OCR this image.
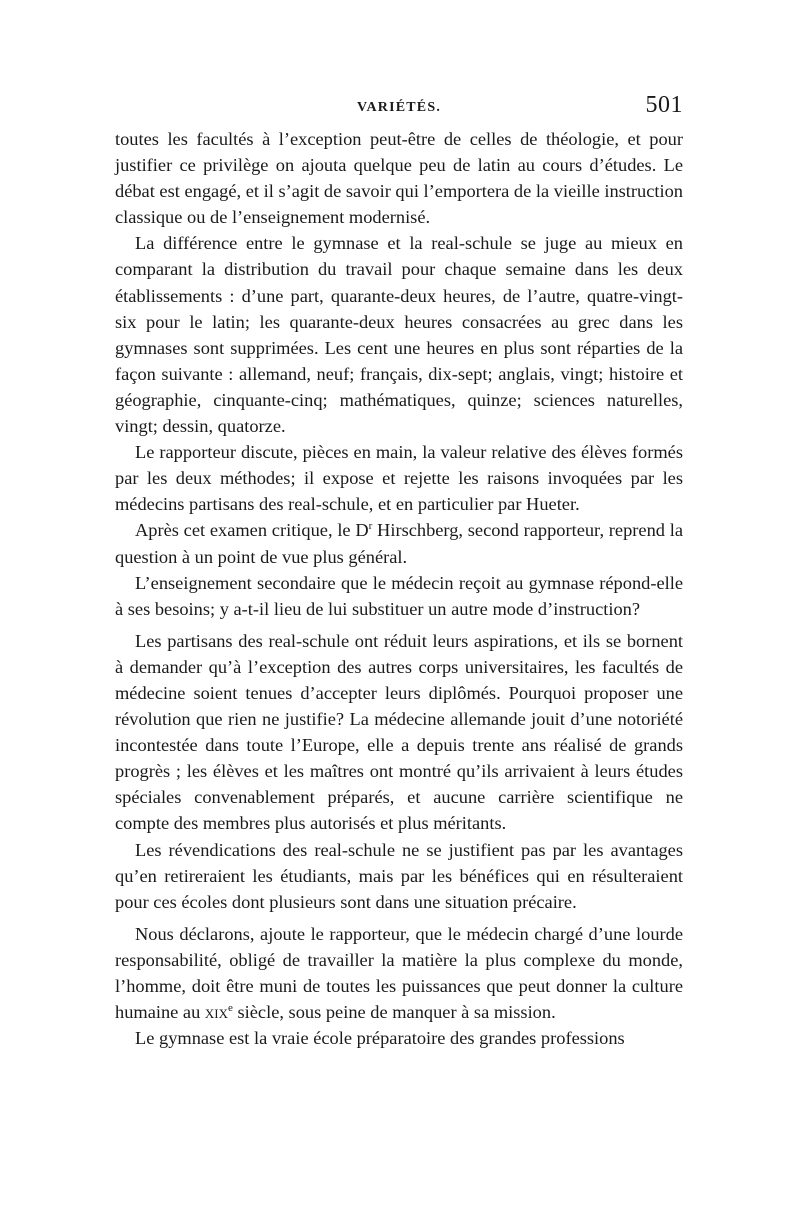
VARIÉTÉS.	501

toutes les facultés à l’exception peut-être de celles de théologie, et pour justifier ce privilège on ajouta quelque peu de latin au cours d’études. Le débat est engagé, et il s’agit de savoir qui l’emportera de la vieille instruction classique ou de l’enseignement modernisé.

La différence entre le gymnase et la real-schule se juge au mieux en comparant la distribution du travail pour chaque semaine dans les deux établissements : d’une part, quarante-deux heures, de l’autre, quatre-vingt-six pour le latin; les quarante-deux heures consacrées au grec dans les gymnases sont supprimées. Les cent une heures en plus sont réparties de la façon suivante : allemand, neuf; français, dix-sept; anglais, vingt; histoire et géographie, cinquante-cinq; mathématiques, quinze; sciences naturelles, vingt; dessin, quatorze.

Le rapporteur discute, pièces en main, la valeur relative des élèves formés par les deux méthodes; il expose et rejette les raisons invoquées par les médecins partisans des real-schule, et en particulier par Hueter.

Après cet examen critique, le $D^r$ Hirschberg, second rapporteur, reprend la question à un point de vue plus général.

L’enseignement secondaire que le médecin reçoit au gymnase répond-elle à ses besoins; y a-t-il lieu de lui substituer un autre mode d’instruction?

Les partisans des real-schule ont réduit leurs aspirations, et ils se bornent à demander qu’à l’exception des autres corps universitaires, les facultés de médecine soient tenues d’accepter leurs diplômés. Pourquoi proposer une révolution que rien ne justifie? La médecine allemande jouit d’une notoriété incontestée dans toute l’Europe, elle a depuis trente ans réalisé de grands progrès ; les élèves et les maîtres ont montré qu’ils arrivaient à leurs études spéciales convenablement préparés, et aucune carrière scientifique ne compte des membres plus autorisés et plus méritants.

Les révendications des real-schule ne se justifient pas par les avantages qu’en retireraient les étudiants, mais par les bénéfices qui en résulteraient pour ces écoles dont plusieurs sont dans une situation précaire.

Nous déclarons, ajoute le rapporteur, que le médecin chargé d’une lourde responsabilité, obligé de travailler la matière la plus complexe du monde, l’homme, doit être muni de toutes les puissances que peut donner la culture humaine au xix$^e$ siècle, sous peine de manquer à sa mission.

Le gymnase est la vraie école préparatoire des grandes professions
